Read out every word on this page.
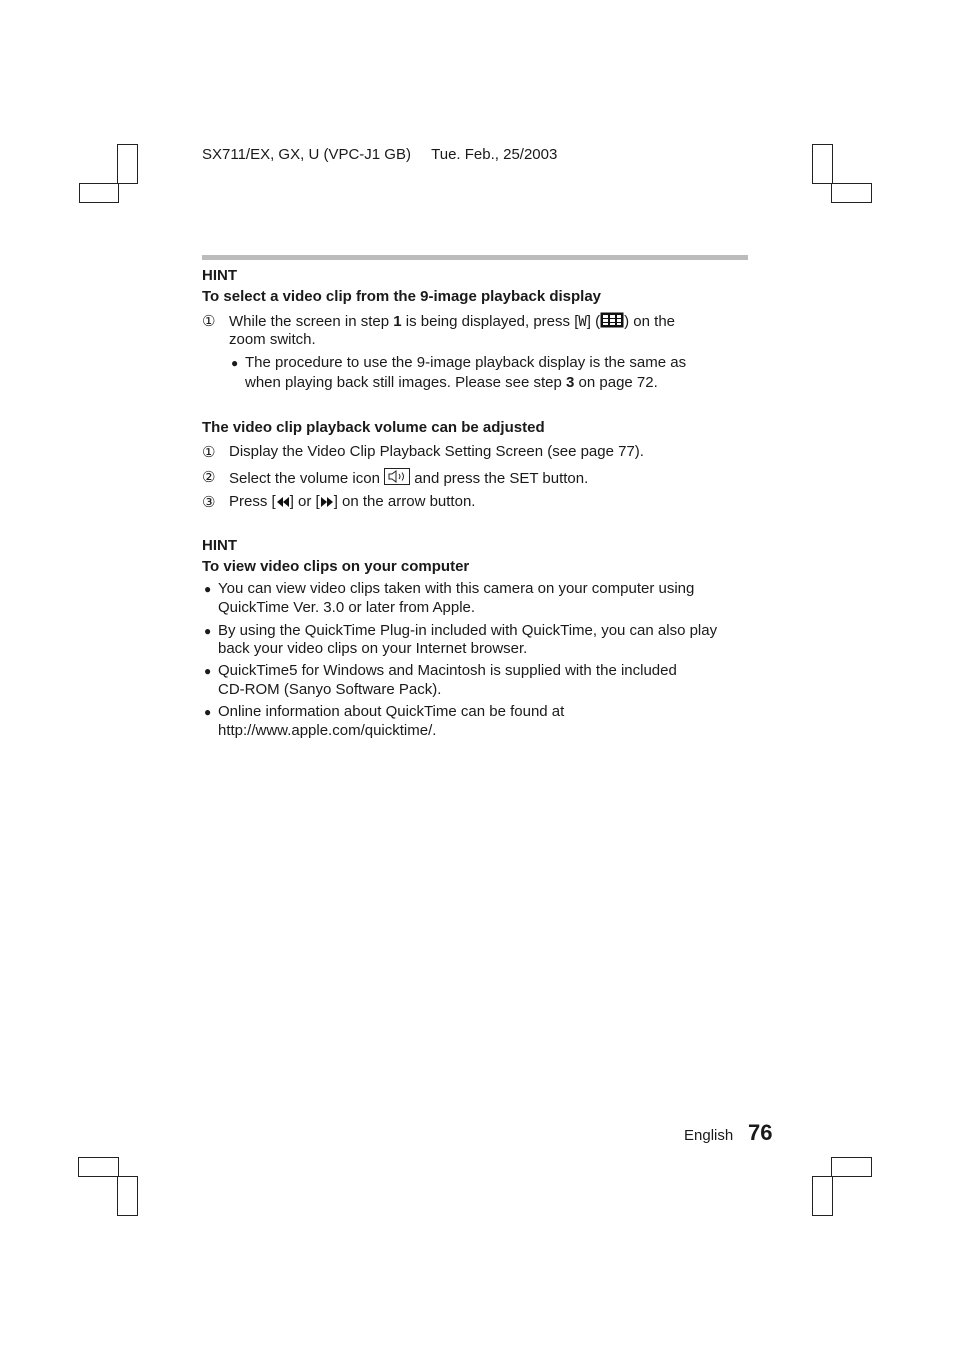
SX711/EX, GX, U (VPC-J1 GB) Tue. Feb., 25/2003
HINT
To select a video clip from the 9-image playback display
① While the screen in step 1 is being displayed, press [W] ( ) on the
zoom switch.
● The procedure to use the 9-image playback display is the same as
when playing back still images. Please see step 3 on page 72.
The video clip playback volume can be adjusted
① Display the Video Clip Playback Setting Screen (see page 77).
② Select the volume icon  and press the SET button.
③ Press [ ] or [ ] on the arrow button.
HINT
To view video clips on your computer
● You can view video clips taken with this camera on your computer using
QuickTime Ver. 3.0 or later from Apple.
● By using the QuickTime Plug-in included with QuickTime, you can also play
back your video clips on your Internet browser.
● QuickTime5 for Windows and Macintosh is supplied with the included
CD-ROM (Sanyo Software Pack).
● Online information about QuickTime can be found at
http://www.apple.com/quicktime/.
English 76
